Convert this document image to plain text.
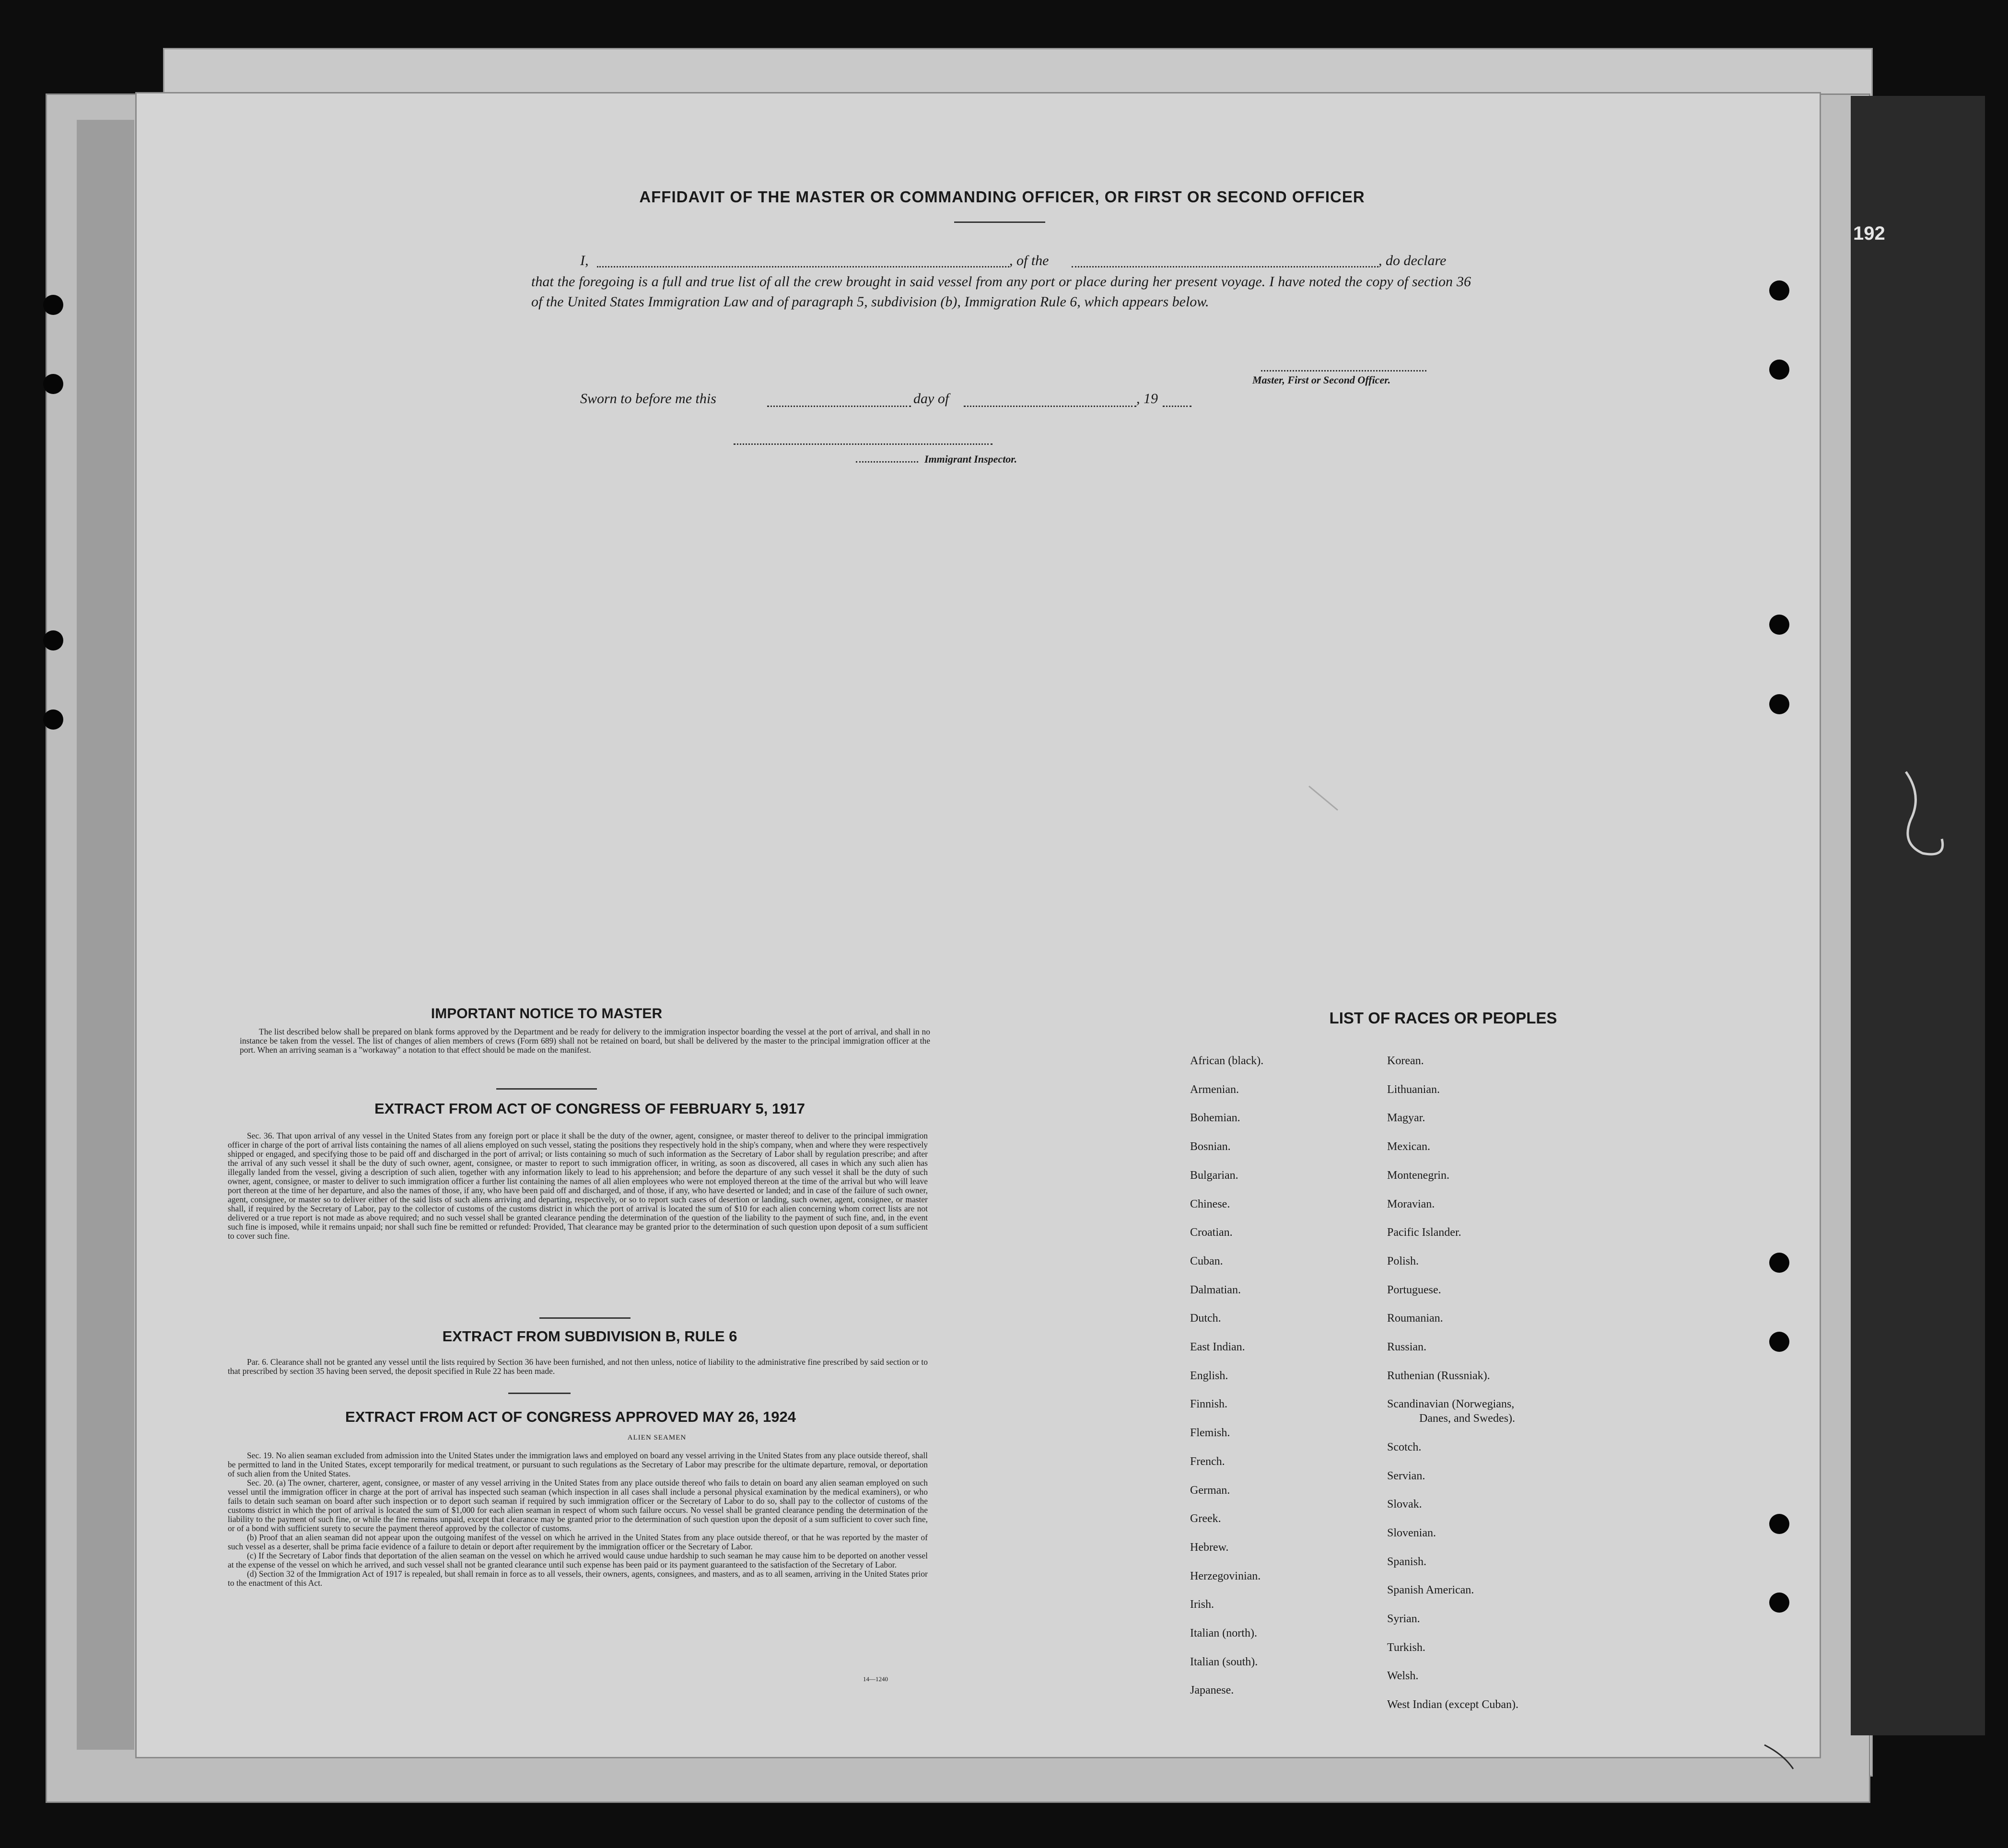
192
AFFIDAVIT OF THE MASTER OR COMMANDING OFFICER, OR FIRST OR SECOND OFFICER
I,	, of the	, do declare
that the foregoing is a full and true list of all the crew brought in said vessel from any port or place during her present voyage. I have noted the copy of section 36 of the United States Immigration Law and of paragraph 5, subdivision (b), Immigration Rule 6, which appears below.
Master, First or Second Officer.
Sworn to before me this	day of	, 19
Immigrant Inspector.
IMPORTANT NOTICE TO MASTER
The list described below shall be prepared on blank forms approved by the Department and be ready for delivery to the immigration inspector boarding the vessel at the port of arrival, and shall in no instance be taken from the vessel. The list of changes of alien members of crews (Form 689) shall not be retained on board, but shall be delivered by the master to the principal immigration officer at the port. When an arriving seaman is a "workaway" a notation to that effect should be made on the manifest.
EXTRACT FROM ACT OF CONGRESS OF FEBRUARY 5, 1917
Sec. 36. That upon arrival of any vessel in the United States from any foreign port or place it shall be the duty of the owner, agent, consignee, or master thereof to deliver to the principal immigration officer in charge of the port of arrival lists containing the names of all aliens employed on such vessel, stating the positions they respectively hold in the ship's company, when and where they were respectively shipped or engaged, and specifying those to be paid off and discharged in the port of arrival; or lists containing so much of such information as the Secretary of Labor shall by regulation prescribe; and after the arrival of any such vessel it shall be the duty of such owner, agent, consignee, or master to report to such immigration officer, in writing, as soon as discovered, all cases in which any such alien has illegally landed from the vessel, giving a description of such alien, together with any information likely to lead to his apprehension; and before the departure of any such vessel it shall be the duty of such owner, agent, consignee, or master to deliver to such immigration officer a further list containing the names of all alien employees who were not employed thereon at the time of the arrival but who will leave port thereon at the time of her departure, and also the names of those, if any, who have been paid off and discharged, and of those, if any, who have deserted or landed; and in case of the failure of such owner, agent, consignee, or master so to deliver either of the said lists of such aliens arriving and departing, respectively, or so to report such cases of desertion or landing, such owner, agent, consignee, or master shall, if required by the Secretary of Labor, pay to the collector of customs of the customs district in which the port of arrival is located the sum of $10 for each alien concerning whom correct lists are not delivered or a true report is not made as above required; and no such vessel shall be granted clearance pending the determination of the question of the liability to the payment of such fine, and, in the event such fine is imposed, while it remains unpaid; nor shall such fine be remitted or refunded: Provided, That clearance may be granted prior to the determination of such question upon deposit of a sum sufficient to cover such fine.
EXTRACT FROM SUBDIVISION B, RULE 6
Par. 6. Clearance shall not be granted any vessel until the lists required by Section 36 have been furnished, and not then unless, notice of liability to the administrative fine prescribed by said section or to that prescribed by section 35 having been served, the deposit specified in Rule 22 has been made.
EXTRACT FROM ACT OF CONGRESS APPROVED MAY 26, 1924
ALIEN SEAMEN

Sec. 19. No alien seaman excluded from admission into the United States under the immigration laws and employed on board any vessel arriving in the United States from any place outside thereof, shall be permitted to land in the United States, except temporarily for medical treatment, or pursuant to such regulations as the Secretary of Labor may prescribe for the ultimate departure, removal, or deportation of such alien from the United States.

Sec. 20. (a) The owner, charterer, agent, consignee, or master of any vessel arriving in the United States from any place outside thereof who fails to detain on board any alien seaman employed on such vessel until the immigration officer in charge at the port of arrival has inspected such seaman (which inspection in all cases shall include a personal physical examination by the medical examiners), or who fails to detain such seaman on board after such inspection or to deport such seaman if required by such immigration officer or the Secretary of Labor to do so, shall pay to the collector of customs of the customs district in which the port of arrival is located the sum of $1,000 for each alien seaman in respect of whom such failure occurs. No vessel shall be granted clearance pending the determination of the liability to the payment of such fine, or while the fine remains unpaid, except that clearance may be granted prior to the determination of such question upon the deposit of a sum sufficient to cover such fine, or of a bond with sufficient surety to secure the payment thereof approved by the collector of customs.

(b) Proof that an alien seaman did not appear upon the outgoing manifest of the vessel on which he arrived in the United States from any place outside thereof, or that he was reported by the master of such vessel as a deserter, shall be prima facie evidence of a failure to detain or deport after requirement by the immigration officer or the Secretary of Labor.

(c) If the Secretary of Labor finds that deportation of the alien seaman on the vessel on which he arrived would cause undue hardship to such seaman he may cause him to be deported on another vessel at the expense of the vessel on which he arrived, and such vessel shall not be granted clearance until such expense has been paid or its payment guaranteed to the satisfaction of the Secretary of Labor.

(d) Section 32 of the Immigration Act of 1917 is repealed, but shall remain in force as to all vessels, their owners, agents, consignees, and masters, and as to all seamen, arriving in the United States prior to the enactment of this Act.

14—1240
LIST OF RACES OR PEOPLES
African (black).
Armenian.
Bohemian.
Bosnian.
Bulgarian.
Chinese.
Croatian.
Cuban.
Dalmatian.
Dutch.
East Indian.
English.
Finnish.
Flemish.
French.
German.
Greek.
Hebrew.
Herzegovinian.
Irish.
Italian (north).
Italian (south).
Japanese.
Korean.
Lithuanian.
Magyar.
Mexican.
Montenegrin.
Moravian.
Pacific Islander.
Polish.
Portuguese.
Roumanian.
Russian.
Ruthenian (Russniak).
Scandinavian (Norwegians,
Danes, and Swedes).
Scotch.
Servian.
Slovak.
Slovenian.
Spanish.
Spanish American.
Syrian.
Turkish.
Welsh.
West Indian (except Cuban).
